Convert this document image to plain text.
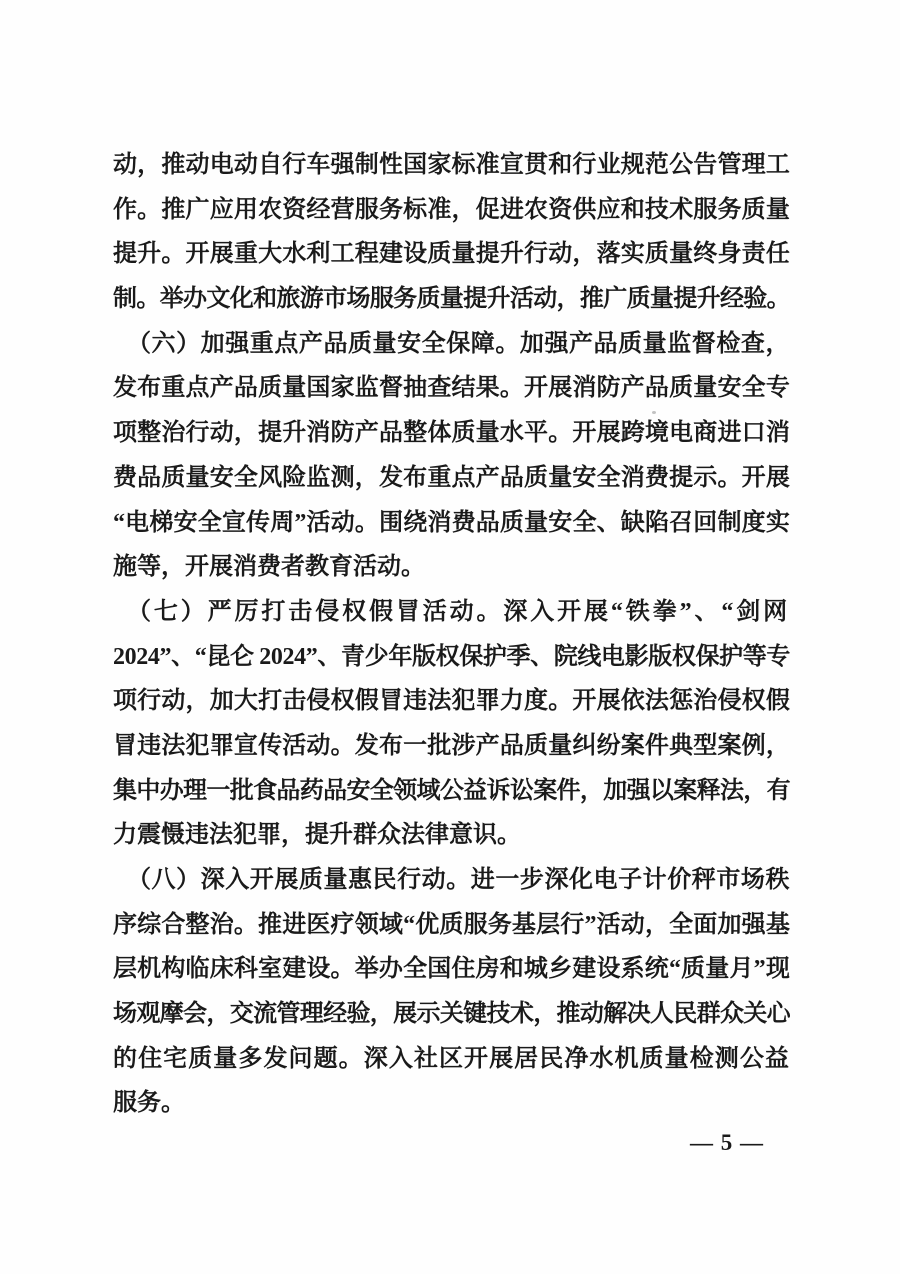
动，推动电动自行车强制性国家标准宣贯和行业规范公告管理工
作。推广应用农资经营服务标准，促进农资供应和技术服务质量
提升。开展重大水利工程建设质量提升行动，落实质量终身责任
制。举办文化和旅游市场服务质量提升活动，推广质量提升经验。
（六）加强重点产品质量安全保障。加强产品质量监督检查，
发布重点产品质量国家监督抽查结果。开展消防产品质量安全专
项整治行动，提升消防产品整体质量水平。开展跨境电商进口消
费品质量安全风险监测，发布重点产品质量安全消费提示。开展
“电梯安全宣传周”活动。围绕消费品质量安全、缺陷召回制度实
施等，开展消费者教育活动。
（七）严厉打击侵权假冒活动。深入开展“铁拳”、“剑网
2024”、“昆仑 2024”、青少年版权保护季、院线电影版权保护等专
项行动，加大打击侵权假冒违法犯罪力度。开展依法惩治侵权假
冒违法犯罪宣传活动。发布一批涉产品质量纠纷案件典型案例，
集中办理一批食品药品安全领域公益诉讼案件，加强以案释法，有
力震慑违法犯罪，提升群众法律意识。
（八）深入开展质量惠民行动。进一步深化电子计价秤市场秩
序综合整治。推进医疗领域“优质服务基层行”活动，全面加强基
层机构临床科室建设。举办全国住房和城乡建设系统“质量月”现
场观摩会，交流管理经验，展示关键技术，推动解决人民群众关心
的住宅质量多发问题。深入社区开展居民净水机质量检测公益
服务。
— 5 —
